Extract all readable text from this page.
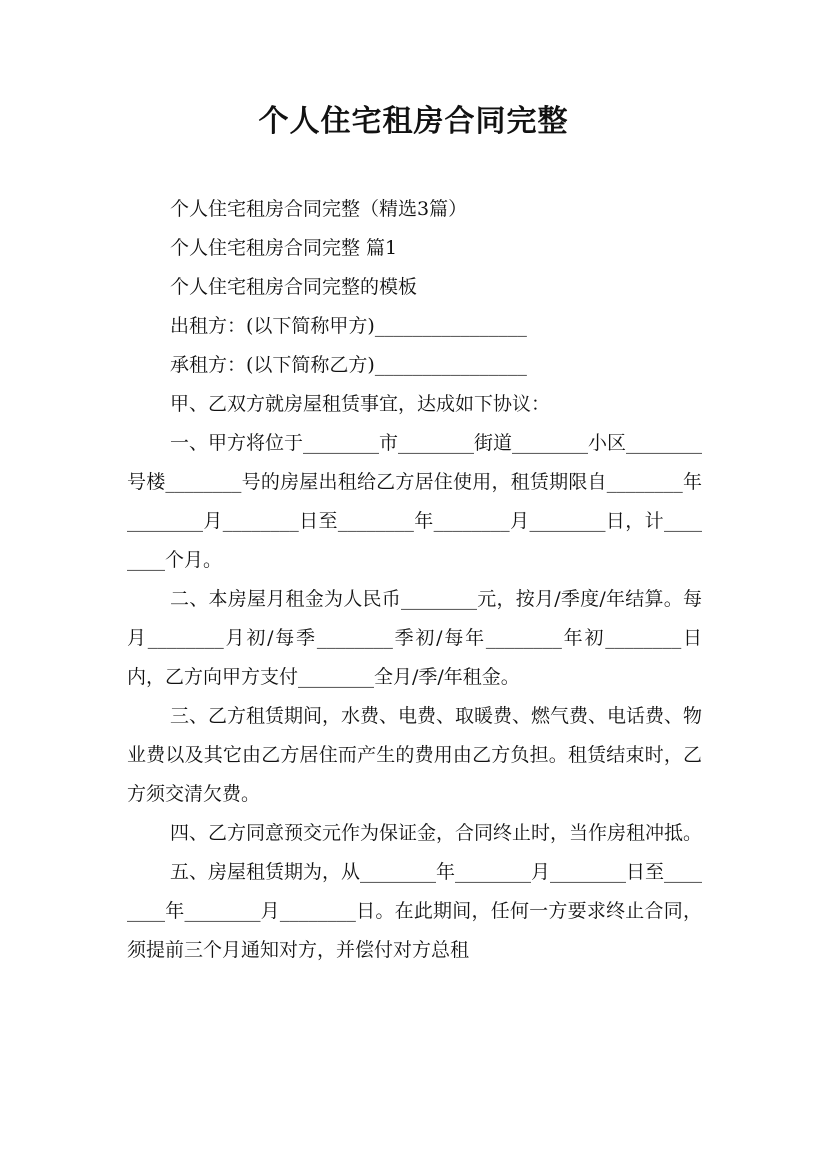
个人住宅租房合同完整

个人住宅租房合同完整（精选3篇）

个人住宅租房合同完整 篇1

个人住宅租房合同完整的模板

出租方：(以下简称甲方)________________

承租方：(以下简称乙方)________________

甲、乙双方就房屋租赁事宜，达成如下协议：

一、甲方将位于________市________街道________小区________号楼________号的房屋出租给乙方居住使用，租赁期限自________年________月________日至________年________月________日，计________个月。

二、本房屋月租金为人民币________元，按月/季度/年结算。每月________月初/每季________季初/每年________年初________日内，乙方向甲方支付________全月/季/年租金。

三、乙方租赁期间，水费、电费、取暖费、燃气费、电话费、物业费以及其它由乙方居住而产生的费用由乙方负担。租赁结束时，乙方须交清欠费。

四、乙方同意预交元作为保证金，合同终止时，当作房租冲抵。

五、房屋租赁期为，从________年________月________日至________年________月________日。在此期间，任何一方要求终止合同，须提前三个月通知对方，并偿付对方总租
